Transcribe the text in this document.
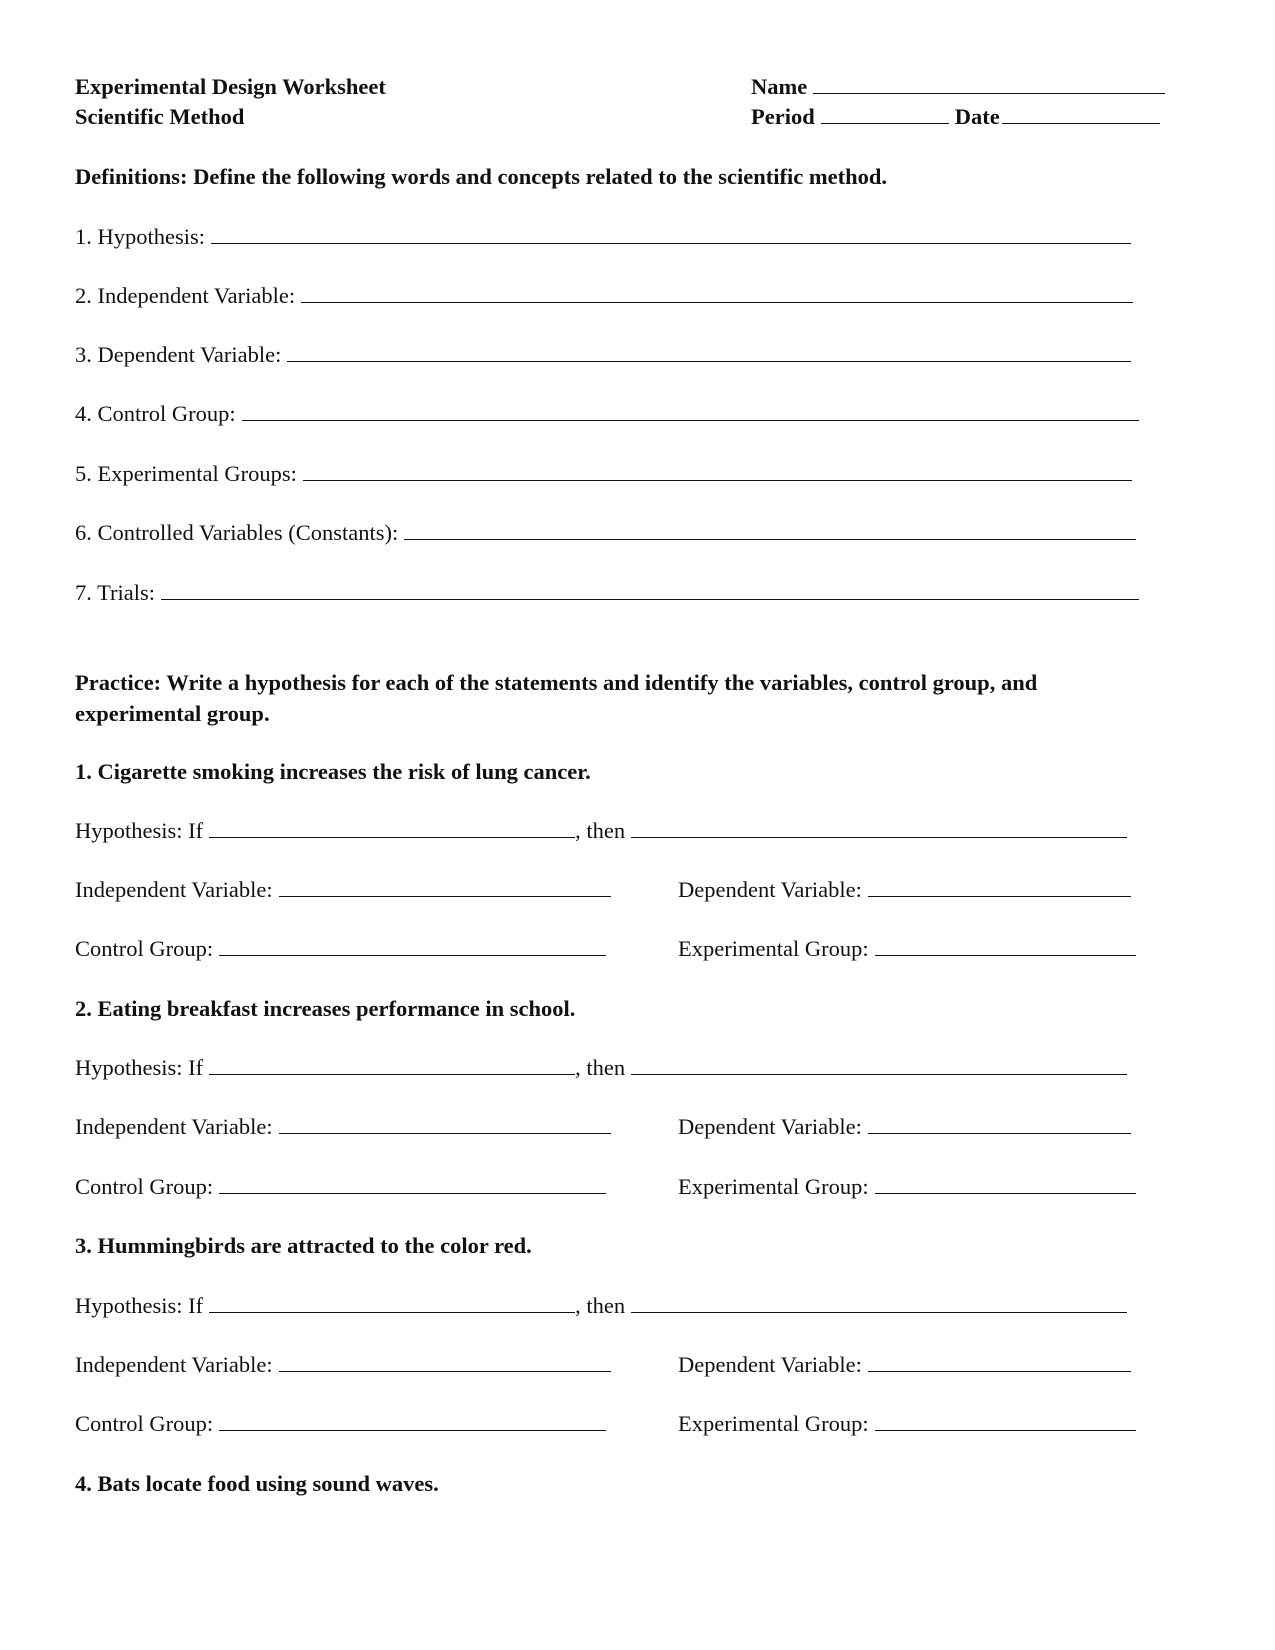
Experimental Design Worksheet
Scientific Method
Name
Period	Date
Definitions: Define the following words and concepts related to the scientific method.
1. Hypothesis:
2. Independent Variable:
3. Dependent Variable:
4. Control Group:
5. Experimental Groups:
6. Controlled Variables (Constants):
7. Trials:
Practice: Write a hypothesis for each of the statements and identify the variables, control group, and experimental group.
1. Cigarette smoking increases the risk of lung cancer.
Hypothesis: If	, then
Independent Variable:	Dependent Variable:
Control Group:	Experimental Group:
2. Eating breakfast increases performance in school.
Hypothesis: If	, then
Independent Variable:	Dependent Variable:
Control Group:	Experimental Group:
3. Hummingbirds are attracted to the color red.
Hypothesis: If	, then
Independent Variable:	Dependent Variable:
Control Group:	Experimental Group:
4. Bats locate food using sound waves.
